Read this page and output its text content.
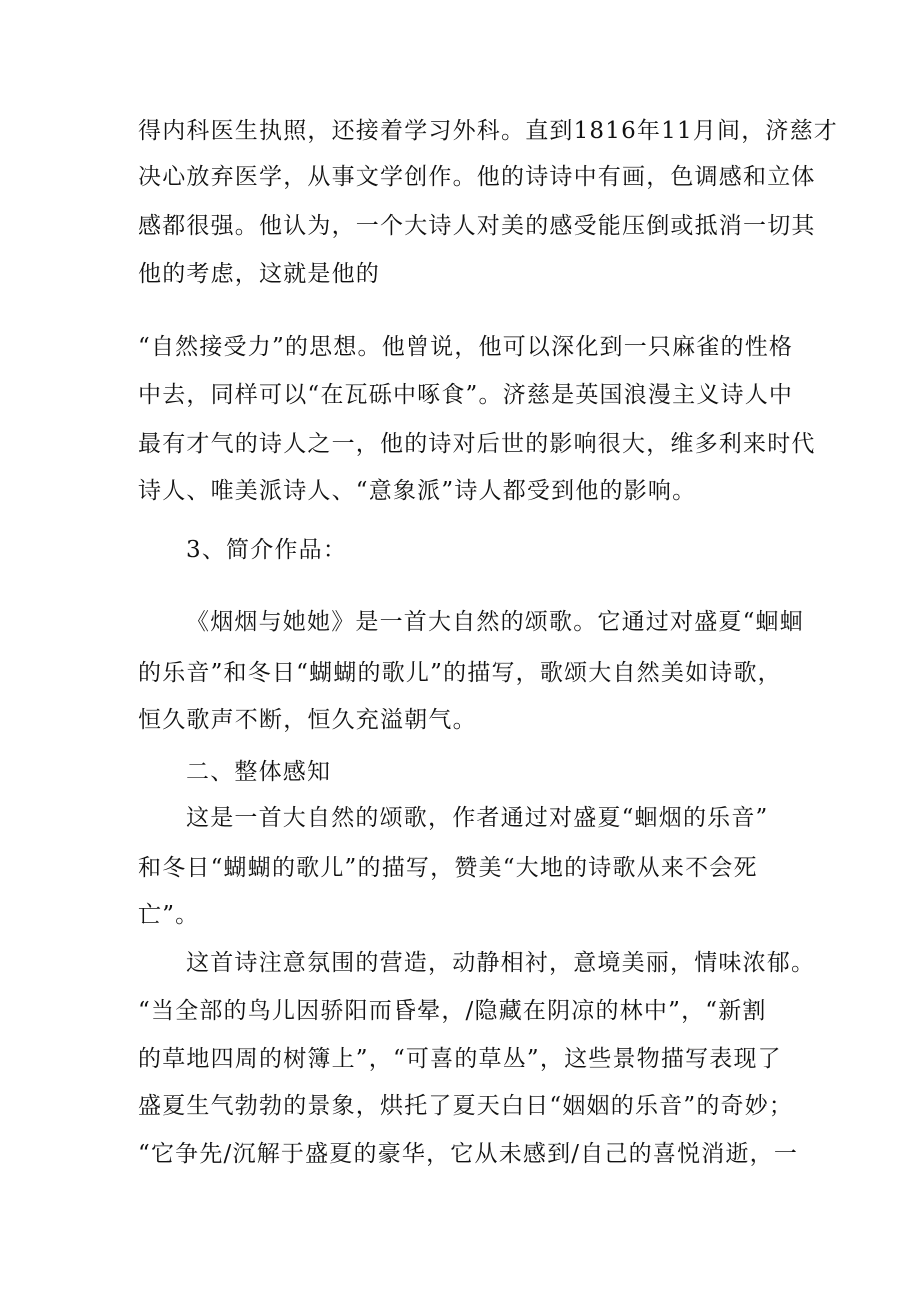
得内科医生执照，还接着学习外科。直到1816年11月间，济慈才
决心放弃医学，从事文学创作。他的诗诗中有画，色调感和立体
感都很强。他认为，一个大诗人对美的感受能压倒或抵消一切其
他的考虑，这就是他的
“自然接受力”的思想。他曾说，他可以深化到一只麻雀的性格
中去，同样可以“在瓦砾中啄食”。济慈是英国浪漫主义诗人中
最有才气的诗人之一，他的诗对后世的影响很大，维多利来时代
诗人、唯美派诗人、“意象派”诗人都受到他的影响。
3、简介作品：
《烟烟与她她》是一首大自然的颂歌。它通过对盛夏“蛔蛔
的乐音”和冬日“蝴蝴的歌儿”的描写，歌颂大自然美如诗歌，
恒久歌声不断，恒久充溢朝气。
二、整体感知
这是一首大自然的颂歌，作者通过对盛夏“蛔烟的乐音”
和冬日“蝴蝴的歌儿”的描写，赞美“大地的诗歌从来不会死
亡”。
这首诗注意氛围的营造，动静相衬，意境美丽，情味浓郁。
“当全部的鸟儿因骄阳而昏晕，/隐藏在阴凉的林中”，“新割
的草地四周的树簿上”，“可喜的草丛”，这些景物描写表现了
盛夏生气勃勃的景象，烘托了夏天白日“姻姻的乐音”的奇妙；
“它争先/沉解于盛夏的豪华，它从未感到/自己的喜悦消逝，一
